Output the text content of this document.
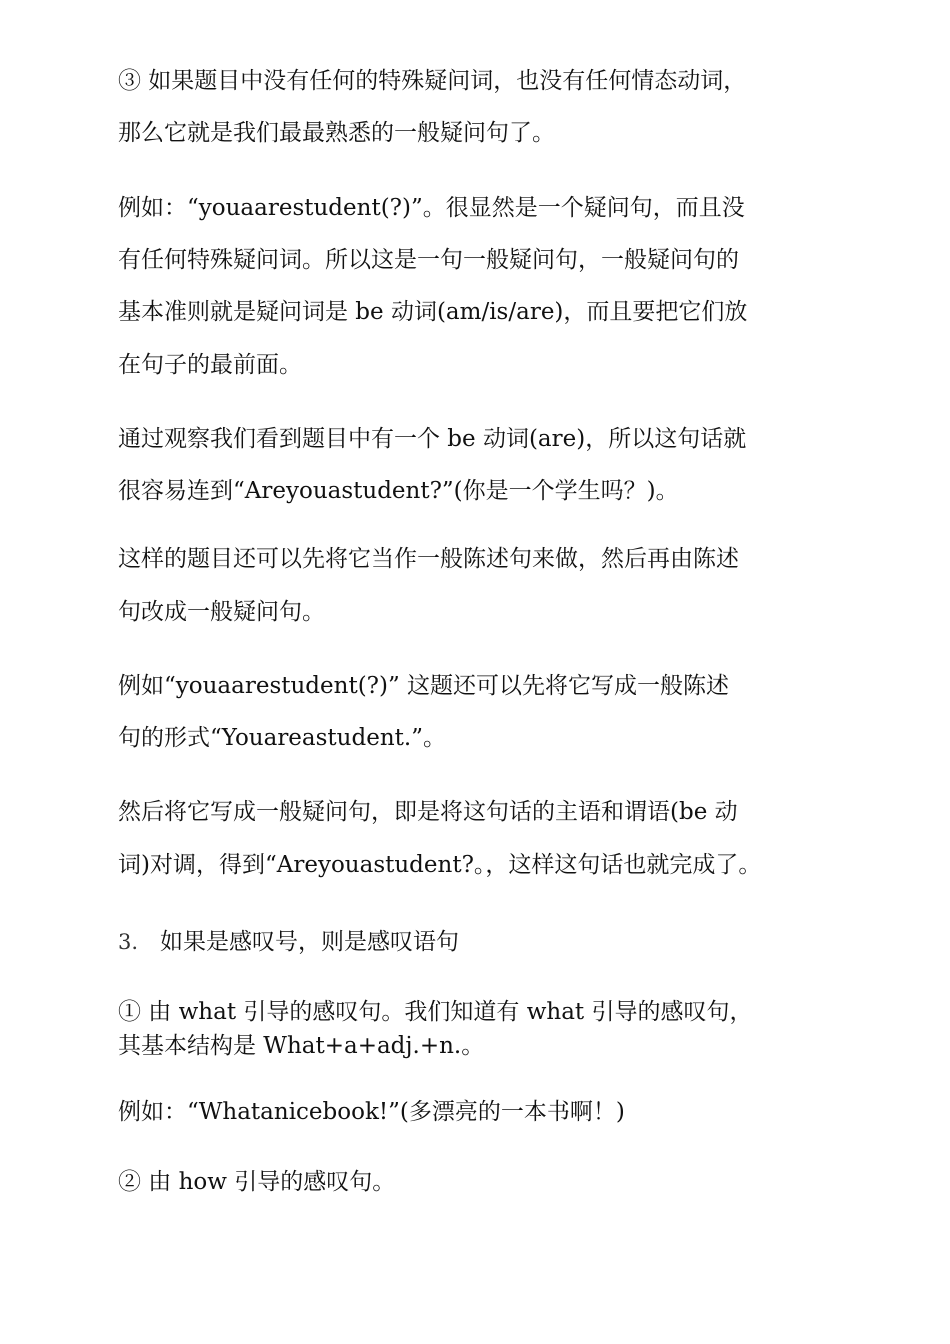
③ 如果题目中没有任何的特殊疑问词，也没有任何情态动词，
那么它就是我们最最熟悉的一般疑问句了。
例如：“youaarestudent(?)”。很显然是一个疑问句，而且没
有任何特殊疑问词。所以这是一句一般疑问句，一般疑问句的
基本准则就是疑问词是 be 动词(am/is/are)，而且要把它们放
在句子的最前面。
通过观察我们看到题目中有一个 be 动词(are)，所以这句话就
很容易连到“Areyouastudent?”(你是一个学生吗？)。
这样的题目还可以先将它当作一般陈述句来做，然后再由陈述
句改成一般疑问句。
例如“youaarestudent(?)” 这题还可以先将它写成一般陈述
句的形式“Youareastudent.”。
然后将它写成一般疑问句，即是将这句话的主语和谓语(be 动
词)对调，得到“Areyouastudent?。，这样这句话也就完成了。
3. 如果是感叹号，则是感叹语句
① 由 what 引导的感叹句。我们知道有 what 引导的感叹句，
其基本结构是 What+a+adj.+n.。
例如：“Whatanicebook!”(多漂亮的一本书啊！)
② 由 how 引导的感叹句。
